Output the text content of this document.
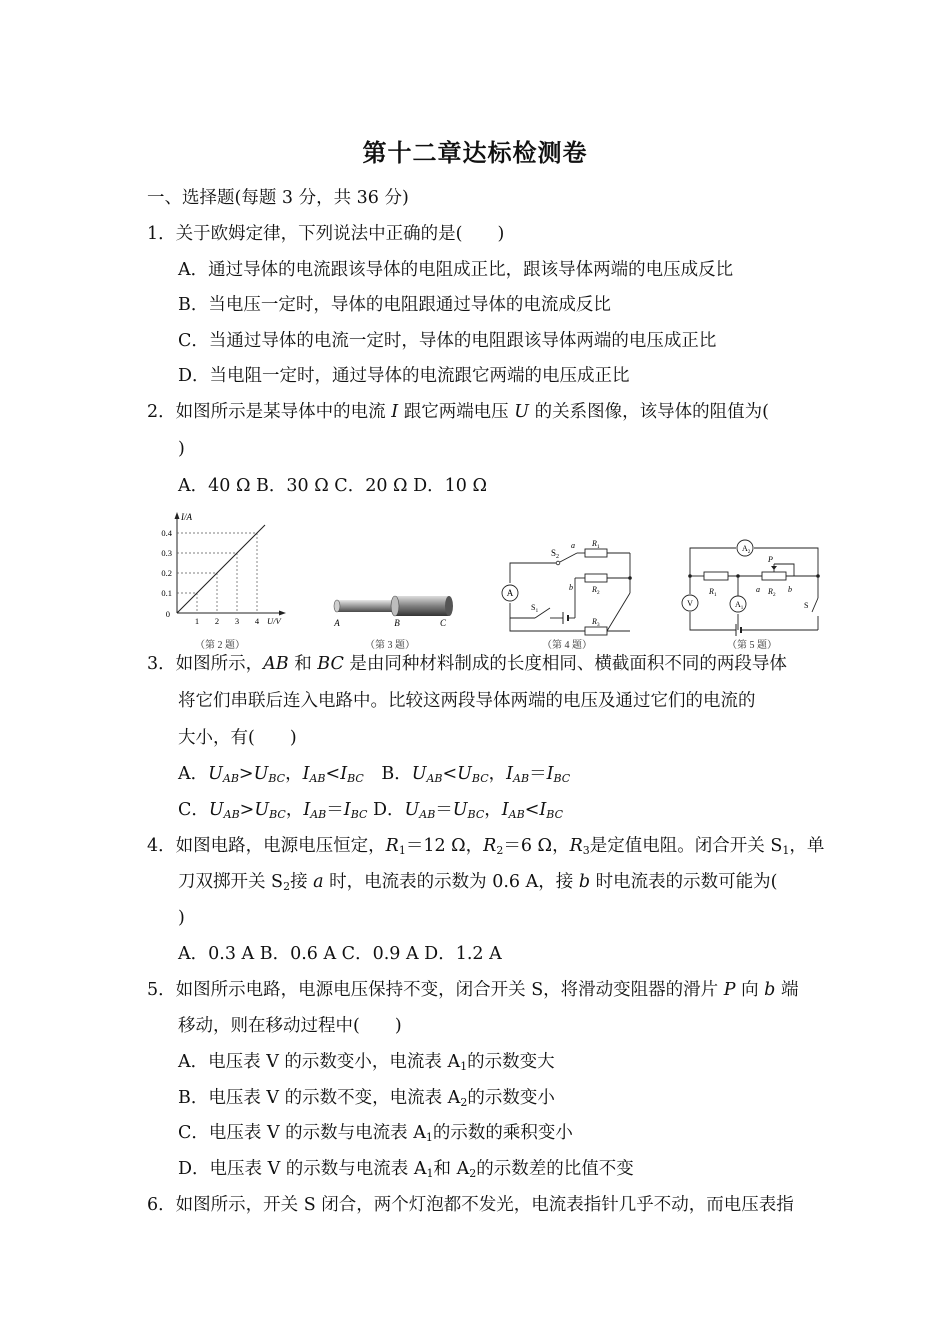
第十二章达标检测卷
一、选择题(每题 3 分，共 36 分)
1．关于欧姆定律，下列说法中正确的是(　　)
A．通过导体的电流跟该导体的电阻成正比，跟该导体两端的电压成反比
B．当电压一定时，导体的电阻跟通过导体的电流成反比
C．当通过导体的电流一定时，导体的电阻跟该导体两端的电压成正比
D．当电阻一定时，通过导体的电流跟它两端的电压成正比
2．如图所示是某导体中的电流 I 跟它两端电压 U 的关系图像，该导体的阻值为(
)
A．40 Ω B．30 Ω C．20 Ω D．10 Ω
I/A
0.4
0.3
0.2
0.1
0
1 2 3 4 U/V
（第 2 题）
A	B	C
（第 3 题）
A
$S_2$
a
b
$R_1$
$R_2$
$R_3$
$S_1$
（第 4 题）
$A_2$
$A_1$
V
$R_1$	$R_2$
P
a	b
S
（第 5 题）
3．如图所示，AB 和 BC 是由同种材料制成的长度相同、横截面积不同的两段导体
将它们串联后连入电路中。比较这两段导体两端的电压及通过它们的电流的
大小，有(　　)
A．$U_{AB}>U_{BC}$，$I_{AB}<I_{BC}$　B．$U_{AB}<U_{BC}$，$I_{AB}=I_{BC}$
C．$U_{AB}>U_{BC}$，$I_{AB}=I_{BC}$ D．$U_{AB}=U_{BC}$，$I_{AB}<I_{BC}$
4．如图电路，电源电压恒定，$R_1=12$ Ω，$R_2=6$ Ω，$R_3$是定值电阻。闭合开关 $S_1$，单
刀双掷开关 $S_2$接 a 时，电流表的示数为 0.6 A，接 b 时电流表的示数可能为(
)
A．0.3 A B．0.6 A C．0.9 A D．1.2 A
5．如图所示电路，电源电压保持不变，闭合开关 S，将滑动变阻器的滑片 P 向 b 端
移动，则在移动过程中(　　)
A．电压表 V 的示数变小，电流表 $A_1$的示数变大
B．电压表 V 的示数不变，电流表 $A_2$的示数变小
C．电压表 V 的示数与电流表 $A_1$的示数的乘积变小
D．电压表 V 的示数与电流表 $A_1$和 $A_2$的示数差的比值不变
6．如图所示，开关 S 闭合，两个灯泡都不发光，电流表指针几乎不动，而电压表指
